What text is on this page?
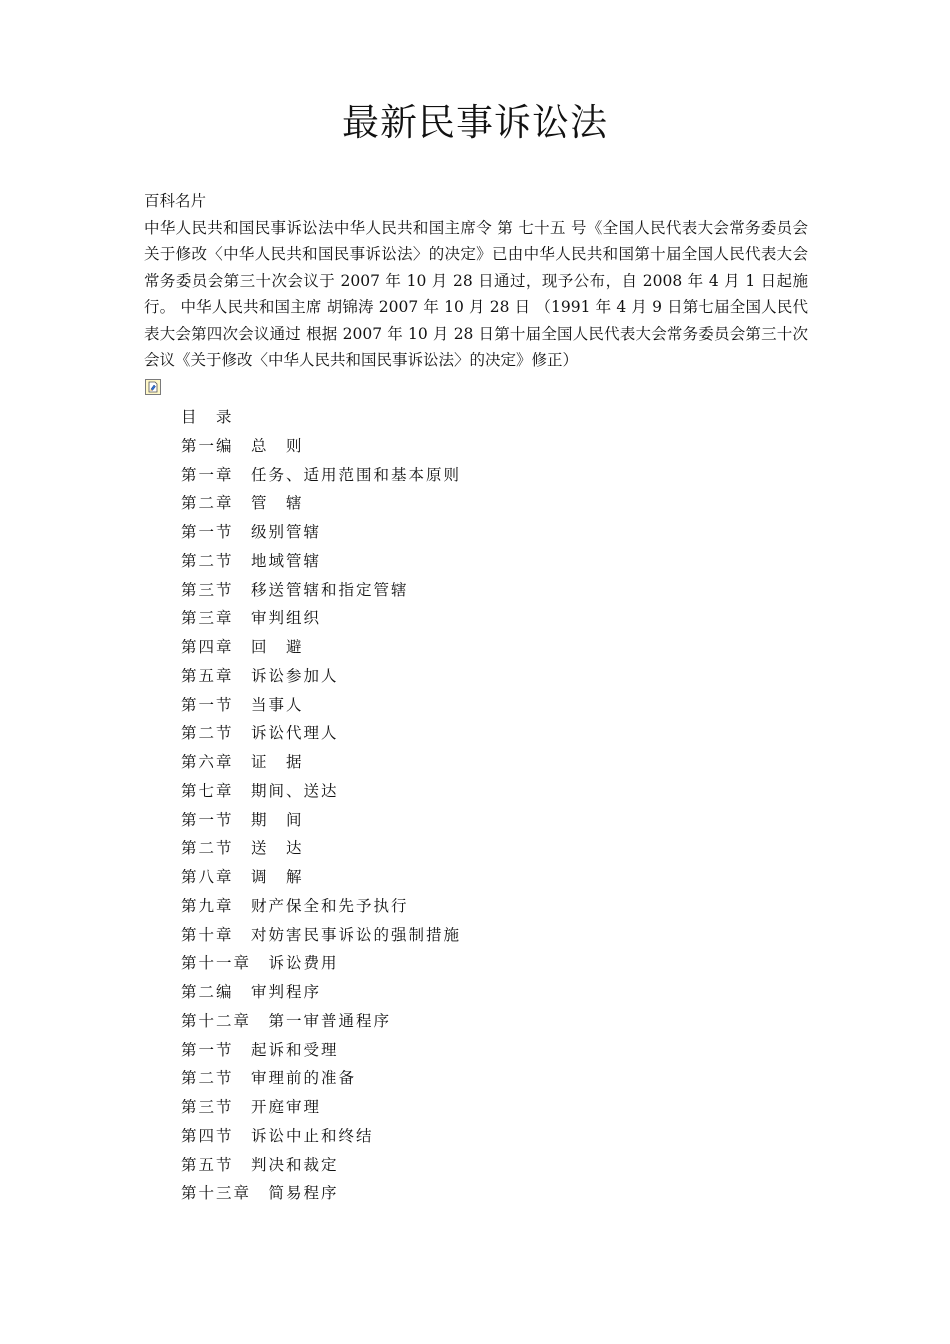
最新民事诉讼法

百科名片

中华人民共和国民事诉讼法中华人民共和国主席令 第 七十五 号《全国人民代表大会常务委员会关于修改〈中华人民共和国民事诉讼法〉的决定》已由中华人民共和国第十届全国人民代表大会常务委员会第三十次会议于 2007 年 10 月 28 日通过，现予公布，自 2008 年 4 月 1 日起施行。 中华人民共和国主席 胡锦涛 2007 年 10 月 28 日 （1991 年 4 月 9 日第七届全国人民代表大会第四次会议通过 根据 2007 年 10 月 28 日第十届全国人民代表大会常务委员会第三十次会议《关于修改〈中华人民共和国民事诉讼法〉的决定》修正）

目　录
第一编　总　则
第一章　任务、适用范围和基本原则
第二章　管　辖
第一节　级别管辖
第二节　地域管辖
第三节　移送管辖和指定管辖
第三章　审判组织
第四章　回　避
第五章　诉讼参加人
第一节　当事人
第二节　诉讼代理人
第六章　证　据
第七章　期间、送达
第一节　期　间
第二节　送　达
第八章　调　解
第九章　财产保全和先予执行
第十章　对妨害民事诉讼的强制措施
第十一章　诉讼费用
第二编　审判程序
第十二章　第一审普通程序
第一节　起诉和受理
第二节　审理前的准备
第三节　开庭审理
第四节　诉讼中止和终结
第五节　判决和裁定
第十三章　简易程序
